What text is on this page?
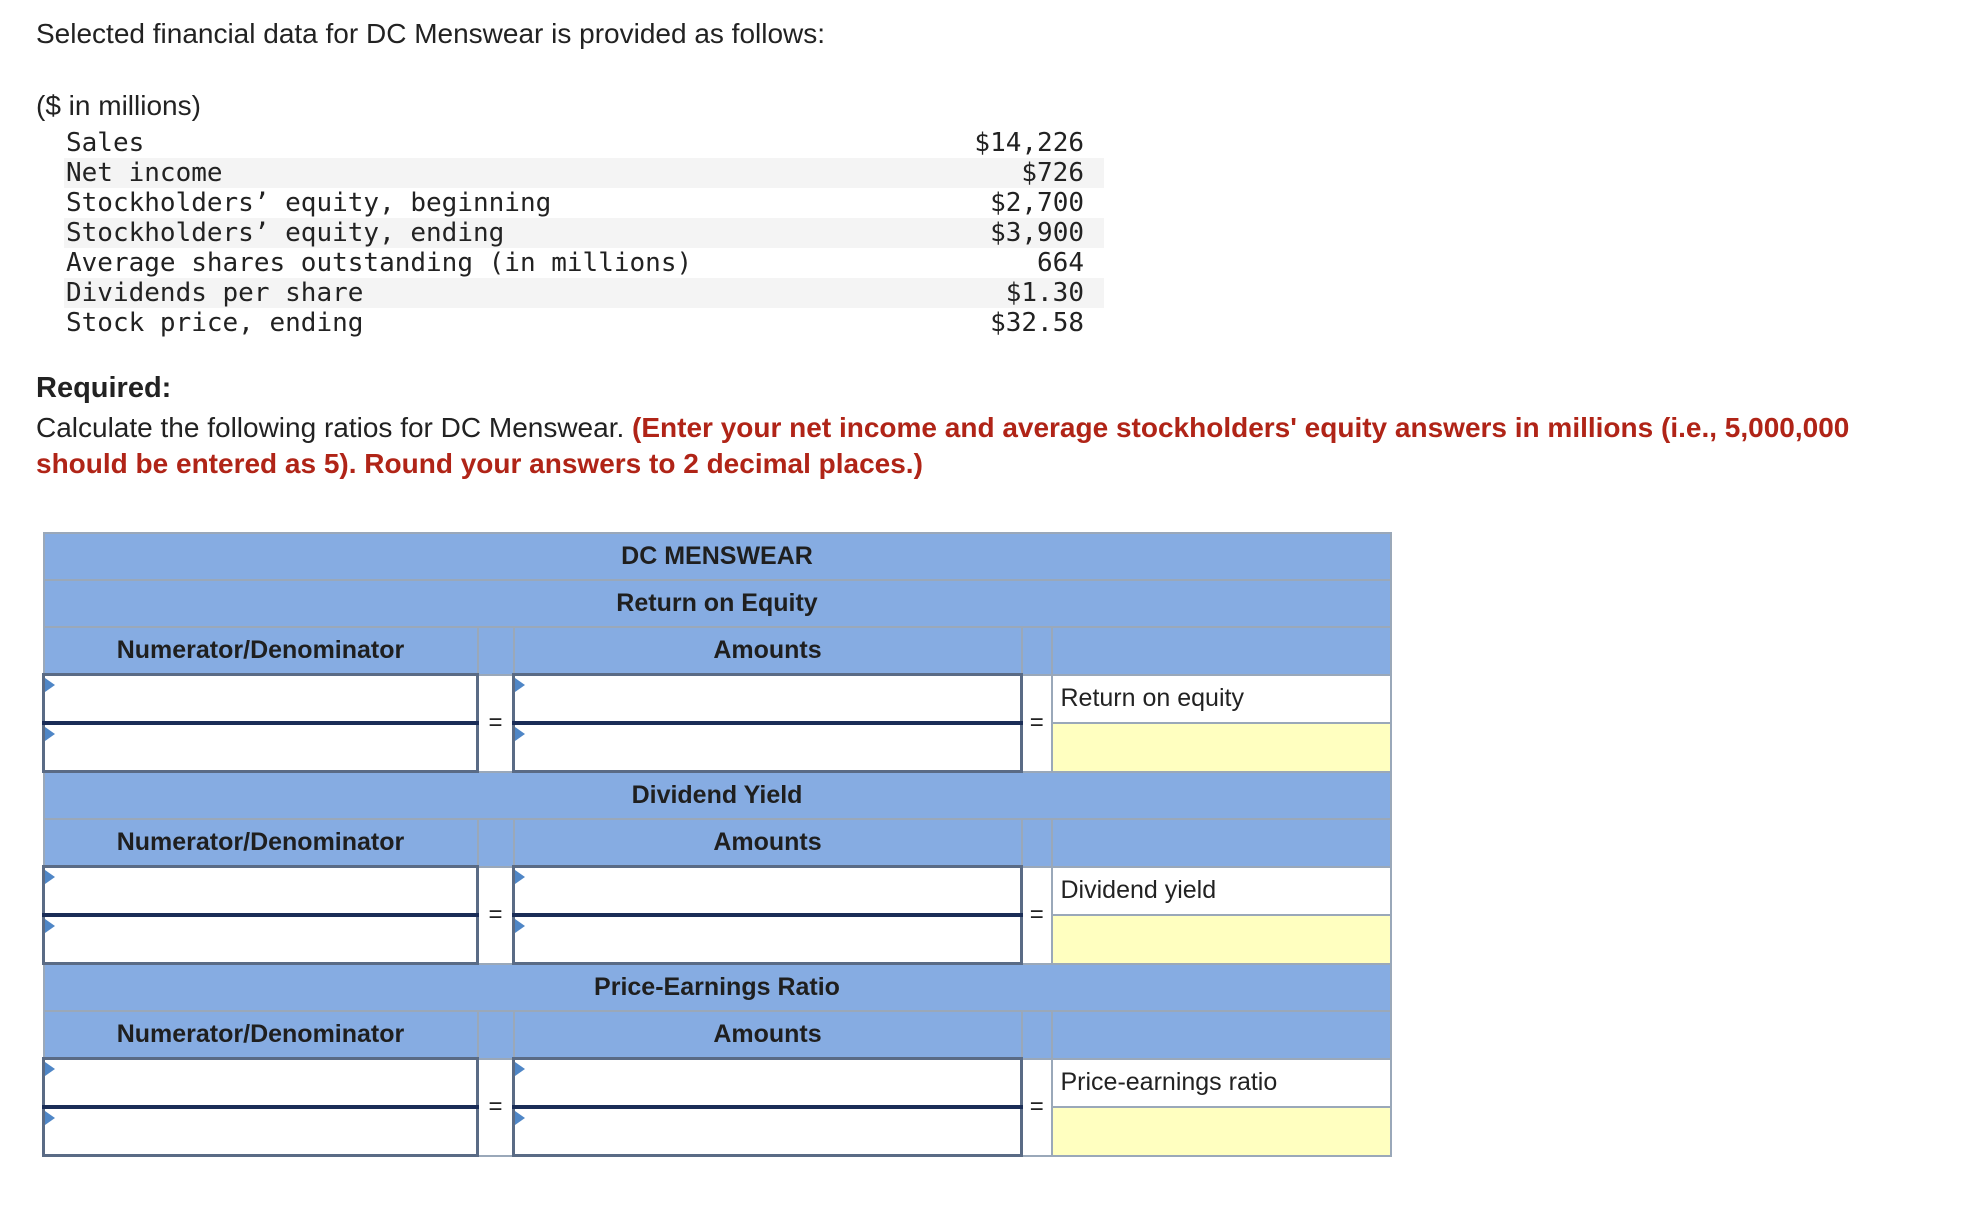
Selected financial data for DC Menswear is provided as follows:

($ in millions)
Sales	$14,226
Net income	$726
Stockholders’ equity, beginning	$2,700
Stockholders’ equity, ending	$3,900
Average shares outstanding (in millions)	664
Dividends per share	$1.30
Stock price, ending	$32.58

Required:

Calculate the following ratios for DC Menswear. (Enter your net income and average stockholders' equity answers in millions (i.e., 5,000,000 should be entered as 5). Round your answers to 2 decimal places.)

DC MENSWEAR				
Return on Equity				
Numerator/Denominator		Amounts		
	=		=	Return on equity

Dividend Yield				
Numerator/Denominator		Amounts		
	=		=	Dividend yield

Price-Earnings Ratio				
Numerator/Denominator		Amounts		
	=		=	Price-earnings ratio
